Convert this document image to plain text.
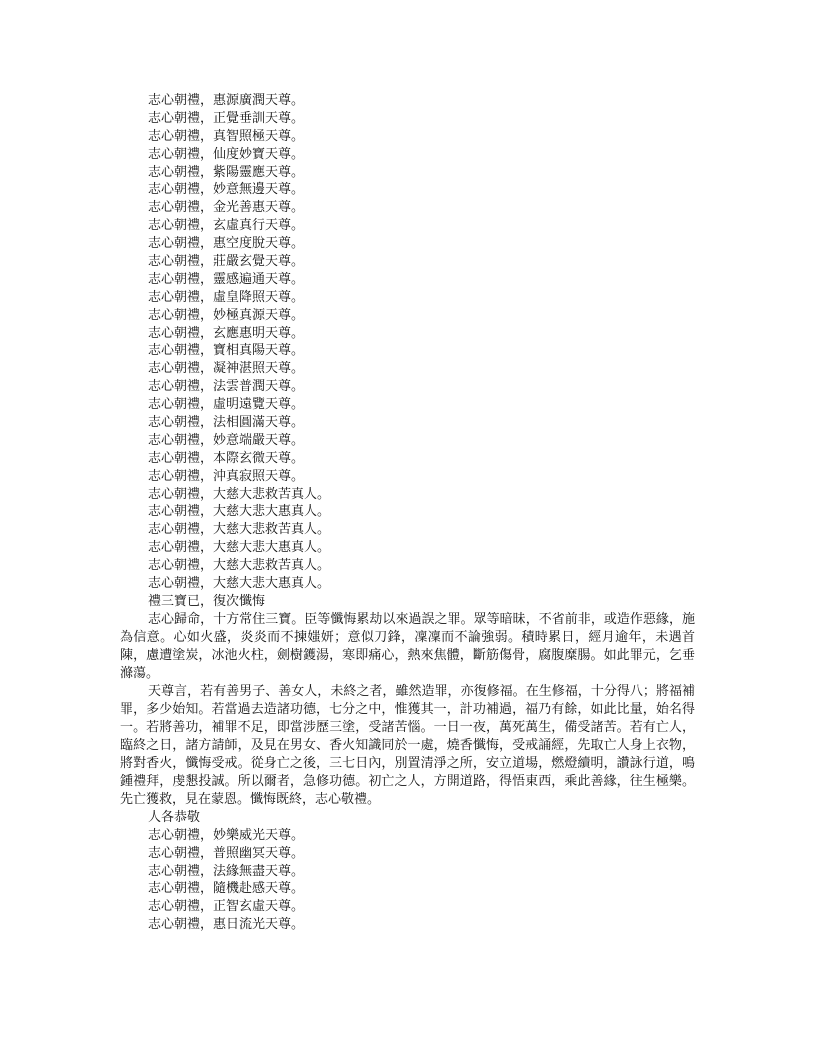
志心朝禮，惠源廣潤天尊。
志心朝禮，正覺垂訓天尊。
志心朝禮，真智照極天尊。
志心朝禮，仙度妙寶天尊。
志心朝禮，紫陽靈應天尊。
志心朝禮，妙意無邊天尊。
志心朝禮，金光善惠天尊。
志心朝禮，玄虛真行天尊。
志心朝禮，惠空度脫天尊。
志心朝禮，莊嚴玄覺天尊。
志心朝禮，靈感遍通天尊。
志心朝禮，虛皇降照天尊。
志心朝禮，妙極真源天尊。
志心朝禮，玄應惠明天尊。
志心朝禮，寶相真陽天尊。
志心朝禮，凝神湛照天尊。
志心朝禮，法雲普潤天尊。
志心朝禮，虛明遠覽天尊。
志心朝禮，法相圓滿天尊。
志心朝禮，妙意端嚴天尊。
志心朝禮，本際玄微天尊。
志心朝禮，沖真寂照天尊。
志心朝禮，大慈大悲救苦真人。
志心朝禮，大慈大悲大惠真人。
志心朝禮，大慈大悲救苦真人。
志心朝禮，大慈大悲大惠真人。
志心朝禮，大慈大悲救苦真人。
志心朝禮，大慈大悲大惠真人。
禮三寶已，復次懺悔

志心歸命，十方常住三寶。臣等懺悔累劫以來過誤之罪。眾等暗昧，不省前非，或造作惡緣，施為信意。心如火盛，炎炎而不揀媸妍；意似刀鋒，凜凜而不論強弱。積時累日，經月逾年，未遇首陳，慮遭塗炭，冰池火柱，劍樹鑊湯，寒即痛心，熱來焦體，斷筋傷骨，腐腹糜腸。如此罪元，乞垂滌蕩。

天尊言，若有善男子、善女人，未終之者，雖然造罪，亦復修福。在生修福，十分得八；將福補罪，多少始知。若當過去造諸功德，七分之中，惟獲其一，計功補過，福乃有餘，如此比量，始名得一。若將善功，補罪不足，即當涉歷三塗，受諸苦惱。一日一夜，萬死萬生，備受諸苦。若有亡人，臨終之日，諸方請師，及見在男女、香火知識同於一處，燒香懺悔，受戒誦經，先取亡人身上衣物，將對香火，懺悔受戒。從身亡之後，三七日內，別置清淨之所，安立道場，燃燈續明，讚詠行道，鳴鍾禮拜，虔懇投誠。所以爾者，急修功德。初亡之人，方開道路，得悟東西，乘此善緣，往生極樂。先亡獲救，見在蒙恩。懺悔既終，志心敬禮。

人各恭敬
志心朝禮，妙樂威光天尊。
志心朝禮，普照幽冥天尊。
志心朝禮，法緣無盡天尊。
志心朝禮，隨機赴感天尊。
志心朝禮，正智玄虛天尊。
志心朝禮，惠日流光天尊。
